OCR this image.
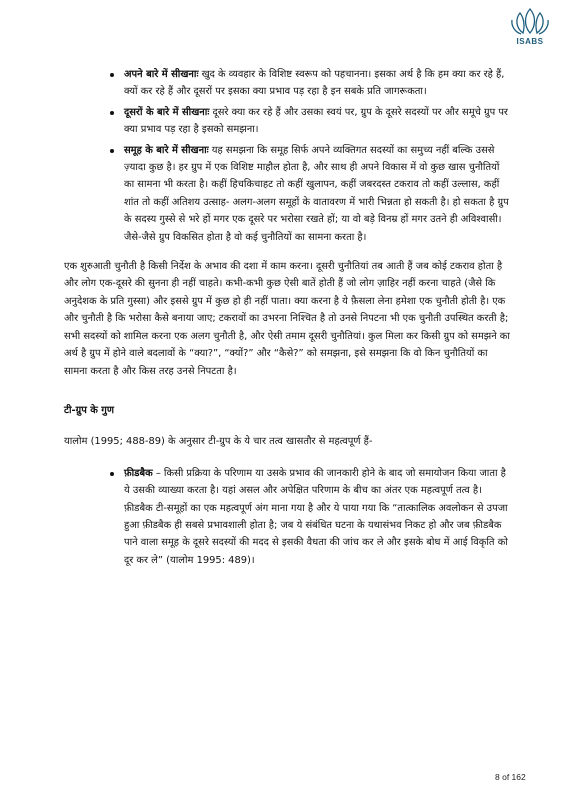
ISABS
अपने बारे में सीखनाः खुद के व्यवहार के विशिष्ट स्वरूप को पहचानना। इसका अर्थ है कि हम क्या कर रहे हैं, क्यों कर रहे हैं और दूसरों पर इसका क्या प्रभाव पड़ रहा है इन सबके प्रति जागरूकता।
दूसरों के बारे में सीखनाः दूसरे क्या कर रहे हैं और उसका स्वयं पर, ग्रुप के दूसरे सदस्यों पर और समूचे ग्रुप पर क्या प्रभाव पड़ रहा है इसको समझना।
समूह के बारे में सीखनाः यह समझना कि समूह सिर्फ अपने व्यक्तिगत सदस्यों का समुच्य नहीं बल्कि उससे ज़्यादा कुछ है। हर ग्रुप में एक विशिष्ट माहौल होता है, और साथ ही अपने विकास में वो कुछ खास चुनौतियों का सामना भी करता है। कहीं हिचकिचाहट तो कहीं खुलापन, कहीं जबरदस्त टकराव तो कहीं उल्लास, कहीं शांत तो कहीं अतिशय उत्साह- अलग-अलग समूहों के वातावरण में भारी भिन्नता हो सकती है। हो सकता है ग्रुप के सदस्य गुस्से से भरे हों मगर एक दूसरे पर भरोसा रखते हों; या वो बड़े विनम्र हों मगर उतने ही अविश्वासी। जैसे-जैसे ग्रुप विकसित होता है वो कई चुनौतियों का सामना करता है।

एक शुरुआती चुनौती है किसी निर्देश के अभाव की दशा में काम करना। दूसरी चुनौतियां तब आती हैं जब कोई टकराव होता है और लोग एक-दूसरे की सुनना ही नहीं चाहते। कभी-कभी कुछ ऐसी बातें होती हैं जो लोग ज़ाहिर नहीं करना चाहते (जैसे कि अनुदेशक के प्रति गुस्सा) और इससे ग्रुप में कुछ हो ही नहीं पाता। क्या करना है ये फ़ैसला लेना हमेशा एक चुनौती होती है। एक और चुनौती है कि भरोसा कैसे बनाया जाए; टकरावों का उभरना निश्चित है तो उनसे निपटना भी एक चुनौती उपस्थित करती है; सभी सदस्यों को शामिल करना एक अलग चुनौती है, और ऐसी तमाम दूसरी चुनौतियां। कुल मिला कर किसी ग्रुप को समझने का अर्थ है ग्रुप में होने वाले बदलावों के “क्या?”, “क्यों?” और “कैसे?” को समझना, इसे समझना कि वो किन चुनौतियों का सामना करता है और किस तरह उनसे निपटता है।

टी-ग्रुप के गुण

यालोम (1995; 488-89) के अनुसार टी-ग्रुप के ये चार तत्व खासतौर से महत्वपूर्ण हैं-

फ़ीडबैक – किसी प्रक्रिया के परिणाम या उसके प्रभाव की जानकारी होने के बाद जो समायोजन किया जाता है ये उसकी व्याख्या करता है। यहां असल और अपेक्षित परिणाम के बीच का अंतर एक महत्वपूर्ण तत्व है। फ़ीडबैक टी-समूहों का एक महत्वपूर्ण अंग माना गया है और ये पाया गया कि “तात्कालिक अवलोकन से उपजा हुआ फ़ीडबैक ही सबसे प्रभावशाली होता है; जब ये संबंधित घटना के यथासंभव निकट हो और जब फ़ीडबैक पाने वाला समूह के दूसरे सदस्यों की मदद से इसकी वैधता की जांच कर ले और इसके बोध में आई विकृति को दूर कर ले” (यालोम 1995: 489)।
8 of 162
